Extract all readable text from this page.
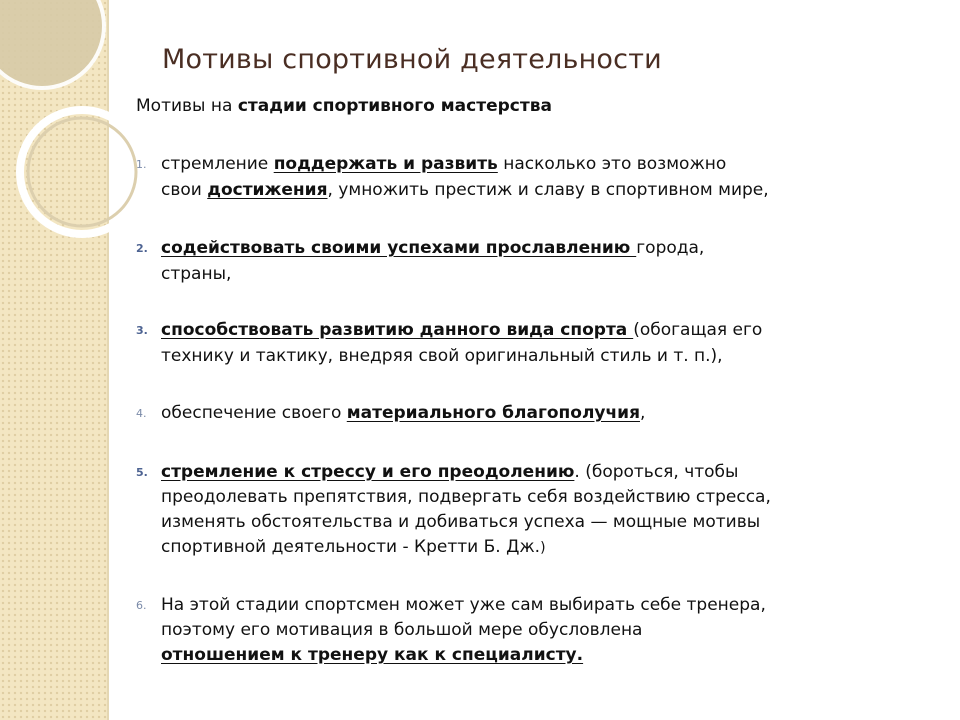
Мотивы спортивной деятельности
Мотивы на стадии спортивного мастерства
1. стремление поддержать и развить насколько это возможно
свои достижения, умножить престиж и славу в спортивном мире,
2. содействовать своими успехами прославлению города,
страны,
3. способствовать развитию данного вида спорта (обогащая его
технику и тактику, внедряя свой оригинальный стиль и т. п.),
4. обеспечение своего материального благополучия,
5. стремление к стрессу и его преодолению. (бороться, чтобы
преодолевать препятствия, подвергать себя воздействию стресса,
изменять обстоятельства и добиваться успеха — мощные мотивы
спортивной деятельности - Кретти Б. Дж.)
6. На этой стадии спортсмен может уже сам выбирать себе тренера,
поэтому его мотивация в большой мере обусловлена
отношением к тренеру как к специалисту.
